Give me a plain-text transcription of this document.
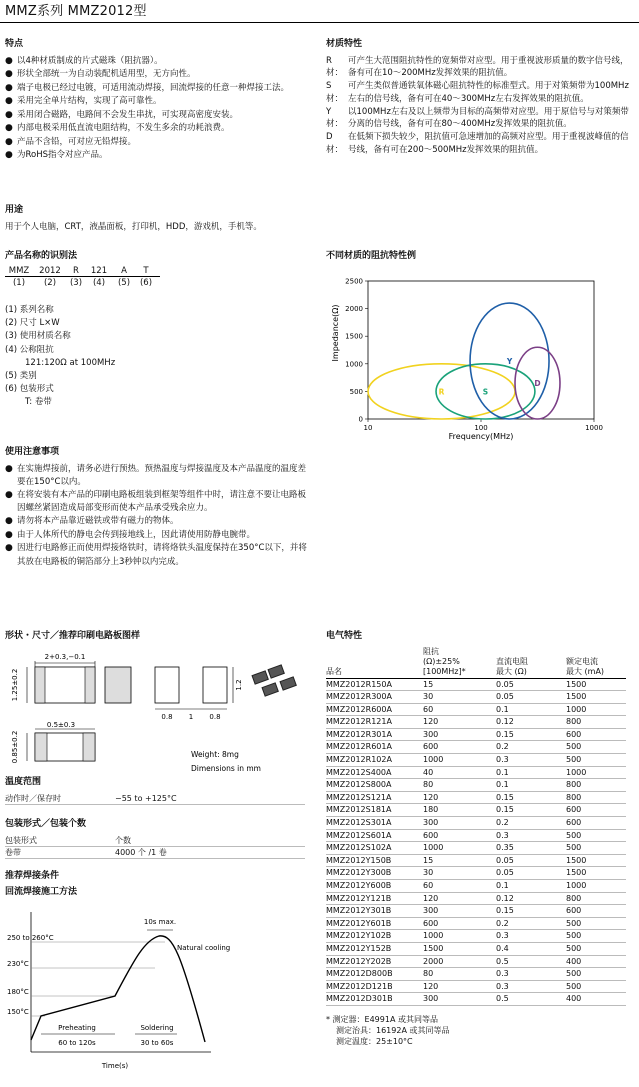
MMZ系列 MMZ2012型
特点
● 以4种材质制成的片式磁珠（阻抗器）。
● 形状全部统一为自动装配机适用型，无方向性。
● 端子电极已经过电镀，可适用流动焊接，回流焊接的任意一种焊接工法。
● 采用完全单片结构，实现了高可靠性。
● 采用闭合磁路，电路间不会发生串扰，可实现高密度安装。
● 内部电极采用低直流电阻结构，不发生多余的功耗浪费。
● 产品不含铅，可对应无铅焊接。
● 为RoHS指令对应产品。
用途
用于个人电脑，CRT，液晶面板，打印机，HDD，游戏机，手机等。
产品名称的识别法
MMZ	2012	R	121	A	T
(1)	(2)	(3)	(4)	(5)	(6)
(1) 系列名称
(2) 尺寸 L×W
(3) 使用材质名称
(4) 公称阻抗
121:120Ω at 100MHz
(5) 类别
(6) 包装形式
T: 卷带
使用注意事项
● 在实施焊接前，请务必进行预热。预热温度与焊接温度及本产品温度的温度差要在150°C以内。
● 在将安装有本产品的印刷电路板组装到框架等组件中时，请注意不要让电路板因螺丝紧固造成局部变形而使本产品承受残余应力。
● 请勿将本产品靠近磁铁或带有磁力的物体。
● 由于人体所代的静电会传到接地线上，因此请使用防静电腕带。
● 因进行电路修正而使用焊接烙铁时，请将烙铁头温度保持在350°C以下，并将其放在电路板的铜箔部分上3秒钟以内完成。
材质特性
R材：
可产生大范围阻抗特性的宽频带对应型。用于重视波形质量的数字信号线，备有可在10～200MHz发挥效果的阻抗值。
S材：
可产生类似普通铁氧体磁心阻抗特性的标准型式。用于对策频带为100MHz左右的信号线，备有可在40～300MHz左右发挥效果的阻抗值。
Y材：
以100MHz左右及以上频带为目标的高频带对应型。用于原信号与对策频带分离的信号线，备有可在80～400MHz发挥效果的阻抗值。
D材：
在低频下损失较少，阻抗值可急速增加的高频对应型。用于重视波峰值的信号线，备有可在200～500MHz发挥效果的阻抗值。
不同材质的阻抗特性例
0
500
1000
1500
2000
2500
10	100	1000
R	S
Y
D
Frequency(MHz)
Impedance(Ω)
形状・尺寸／推荐印刷电路板图样
2+0.3,−0.1
1.25±0.2	1.2
0.8 1 0.8
0.5±0.3
0.85±0.2	Weight: 8mg
Dimensions in mm
温度范围
动作时／保存时	−55 to +125°C
包装形式／包装个数
包装形式	个数
卷带	4000 个 /1 卷
推荐焊接条件
回流焊接施工方法
250 to 260°C
230°C
180°C
150°C
10s max.
Natural cooling
Preheating
60 to 120s
Soldering
30 to 60s
Time(s)
电气特性
品名	阻抗
(Ω)±25%
[100MHz]*	直流电阻
最大 (Ω)	额定电流
最大 (mA)
MMZ2012R150A	15	0.05	1500
MMZ2012R300A	30	0.05	1500
MMZ2012R600A	60	0.1	1000
MMZ2012R121A	120	0.12	800
MMZ2012R301A	300	0.15	600
MMZ2012R601A	600	0.2	500
MMZ2012R102A	1000	0.3	500
MMZ2012S400A	40	0.1	1000
MMZ2012S800A	80	0.1	800
MMZ2012S121A	120	0.15	800
MMZ2012S181A	180	0.15	600
MMZ2012S301A	300	0.2	600
MMZ2012S601A	600	0.3	500
MMZ2012S102A	1000	0.35	500
MMZ2012Y150B	15	0.05	1500
MMZ2012Y300B	30	0.05	1500
MMZ2012Y600B	60	0.1	1000
MMZ2012Y121B	120	0.12	800
MMZ2012Y301B	300	0.15	600
MMZ2012Y601B	600	0.2	500
MMZ2012Y102B	1000	0.3	500
MMZ2012Y152B	1500	0.4	500
MMZ2012Y202B	2000	0.5	400
MMZ2012D800B	80	0.3	500
MMZ2012D121B	120	0.3	500
MMZ2012D301B	300	0.5	400
* 测定器：E4991A 或其同等品
测定治具：16192A 或其同等品
测定温度：25±10°C
